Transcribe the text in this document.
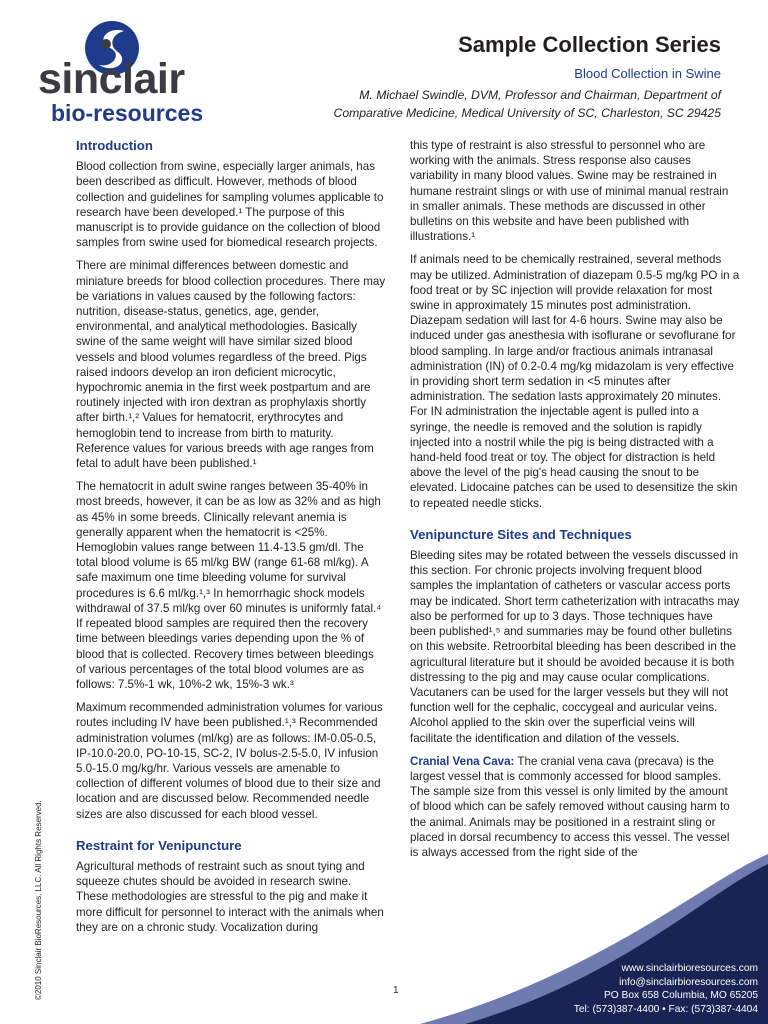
sinclair
bio-resources
Sample Collection Series
Blood Collection in Swine
M. Michael Swindle, DVM, Professor and Chairman, Department of
Comparative Medicine, Medical University of SC, Charleston, SC 29425
©2010 Sinclair BioResources, LLC. All Rights Reserved.
Introduction

Blood collection from swine, especially larger animals, has been described as difficult. However, methods of blood collection and guidelines for sampling volumes applicable to research have been developed.¹ The purpose of this manuscript is to provide guidance on the collection of blood samples from swine used for biomedical research projects.

There are minimal differences between domestic and miniature breeds for blood collection procedures. There may be variations in values caused by the following factors: nutrition, disease-status, genetics, age, gender, environmental, and analytical methodologies. Basically swine of the same weight will have similar sized blood vessels and blood volumes regardless of the breed. Pigs raised indoors develop an iron deficient microcytic, hypochromic anemia in the first week postpartum and are routinely injected with iron dextran as prophylaxis shortly after birth.¹,² Values for hematocrit, erythrocytes and hemoglobin tend to increase from birth to maturity. Reference values for various breeds with age ranges from fetal to adult have been published.¹

The hematocrit in adult swine ranges between 35-40% in most breeds, however, it can be as low as 32% and as high as 45% in some breeds. Clinically relevant anemia is generally apparent when the hematocrit is <25%. Hemoglobin values range between 11.4-13.5 gm/dl. The total blood volume is 65 ml/kg BW (range 61-68 ml/kg). A safe maximum one time bleeding volume for survival procedures is 6.6 ml/kg.¹,³ In hemorrhagic shock models withdrawal of 37.5 ml/kg over 60 minutes is uniformly fatal.⁴ If repeated blood samples are required then the recovery time between bleedings varies depending upon the % of blood that is collected. Recovery times between bleedings of various percentages of the total blood volumes are as follows: 7.5%-1 wk, 10%-2 wk, 15%-3 wk.³

Maximum recommended administration volumes for various routes including IV have been published.¹,³ Recommended administration volumes (ml/kg) are as follows: IM-0.05-0.5, IP-10.0-20.0, PO-10-15, SC-2, IV bolus-2.5-5.0, IV infusion 5.0-15.0 mg/kg/hr. Various vessels are amenable to collection of different volumes of blood due to their size and location and are discussed below. Recommended needle sizes are also discussed for each blood vessel.

Restraint for Venipuncture

Agricultural methods of restraint such as snout tying and squeeze chutes should be avoided in research swine. These methodologies are stressful to the pig and make it more difficult for personnel to interact with the animals when they are on a chronic study. Vocalization during

this type of restraint is also stressful to personnel who are working with the animals. Stress response also causes variability in many blood values. Swine may be restrained in humane restraint slings or with use of minimal manual restrain in smaller animals. These methods are discussed in other bulletins on this website and have been published with illustrations.¹

If animals need to be chemically restrained, several methods may be utilized. Administration of diazepam 0.5-5 mg/kg PO in a food treat or by SC injection will provide relaxation for most swine in approximately 15 minutes post administration. Diazepam sedation will last for 4-6 hours. Swine may also be induced under gas anesthesia with isoflurane or sevoflurane for blood sampling. In large and/or fractious animals intranasal administration (IN) of 0.2-0.4 mg/kg midazolam is very effective in providing short term sedation in <5 minutes after administration. The sedation lasts approximately 20 minutes. For IN administration the injectable agent is pulled into a syringe, the needle is removed and the solution is rapidly injected into a nostril while the pig is being distracted with a hand-held food treat or toy. The object for distraction is held above the level of the pig's head causing the snout to be elevated. Lidocaine patches can be used to desensitize the skin to repeated needle sticks.

Venipuncture Sites and Techniques

Bleeding sites may be rotated between the vessels discussed in this section. For chronic projects involving frequent blood samples the implantation of catheters or vascular access ports may be indicated. Short term catheterization with intracaths may also be performed for up to 3 days. Those techniques have been published¹,⁵ and summaries may be found other bulletins on this website. Retroorbital bleeding has been described in the agricultural literature but it should be avoided because it is both distressing to the pig and may cause ocular complications. Vacutaners can be used for the larger vessels but they will not function well for the cephalic, coccygeal and auricular veins. Alcohol applied to the skin over the superficial veins will facilitate the identification and dilation of the vessels.

Cranial Vena Cava: The cranial vena cava (precava) is the largest vessel that is commonly accessed for blood samples. The sample size from this vessel is only limited by the amount of blood which can be safely removed without causing harm to the animal. Animals may be positioned in a restraint sling or placed in dorsal recumbency to access this vessel. The vessel is always accessed from the right side of the

www.sinclairbioresources.com
info@sinclairbioresources.com
PO Box 658 Columbia, MO 65205
Tel: (573)387-4400 • Fax: (573)387-4404
1
